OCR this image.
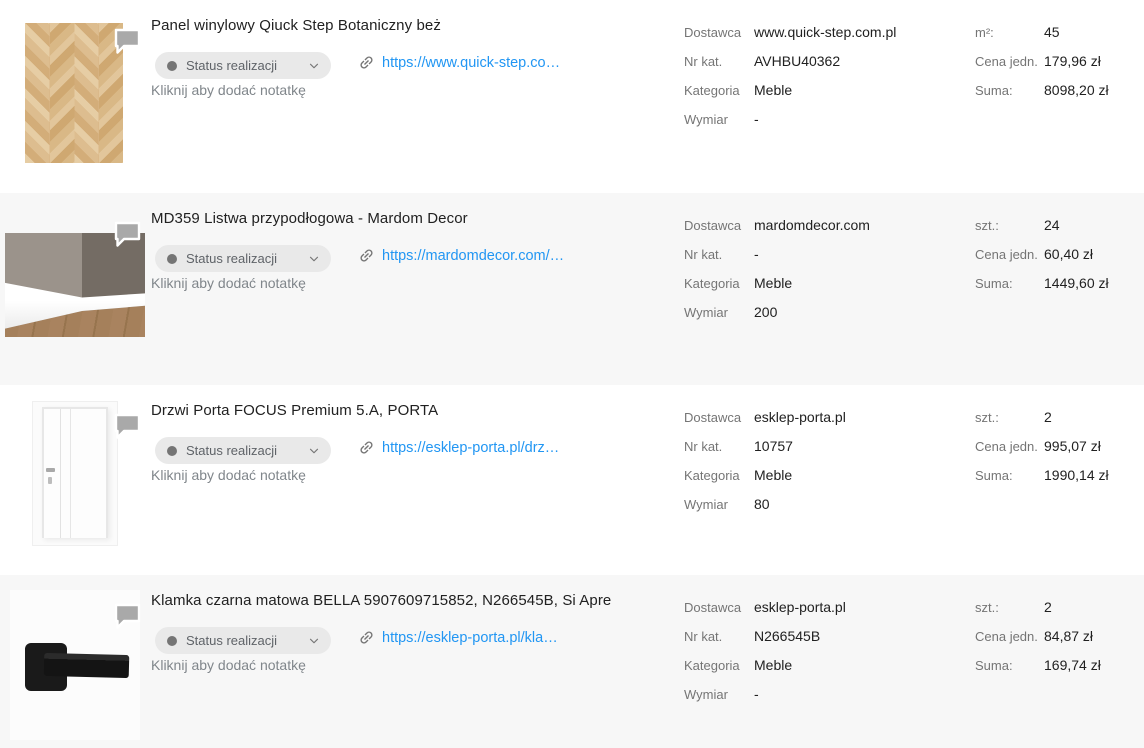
Panel winylowy Qiuck Step Botaniczny beż
Status realizacji	https://www.quick-step.co…
Kliknij aby dodać notatkę
Dostawca www.quick-step.com.pl
Nr kat.	AVHBU40362
Kategoria	Meble
Wymiar	-
m²:	45
Cena jedn. 179,96 zł
Suma:	8098,20 zł
MD359 Listwa przypodłogowa - Mardom Decor
Status realizacji	https://mardomdecor.com/…
Kliknij aby dodać notatkę
Dostawca mardomdecor.com
Nr kat.	-
Kategoria	Meble
Wymiar	200
szt.:	24
Cena jedn. 60,40 zł
Suma:	1449,60 zł
Drzwi Porta FOCUS Premium 5.A, PORTA
Status realizacji	https://esklep-porta.pl/drz…
Kliknij aby dodać notatkę
Dostawca esklep-porta.pl
Nr kat.	10757
Kategoria	Meble
Wymiar	80
szt.:	2
Cena jedn. 995,07 zł
Suma:	1990,14 zł
Klamka czarna matowa BELLA 5907609715852, N266545B, Si Apre
Status realizacji	https://esklep-porta.pl/kla…
Kliknij aby dodać notatkę
Dostawca esklep-porta.pl
Nr kat.	N266545B
Kategoria	Meble
Wymiar	-
szt.:	2
Cena jedn. 84,87 zł
Suma:	169,74 zł
